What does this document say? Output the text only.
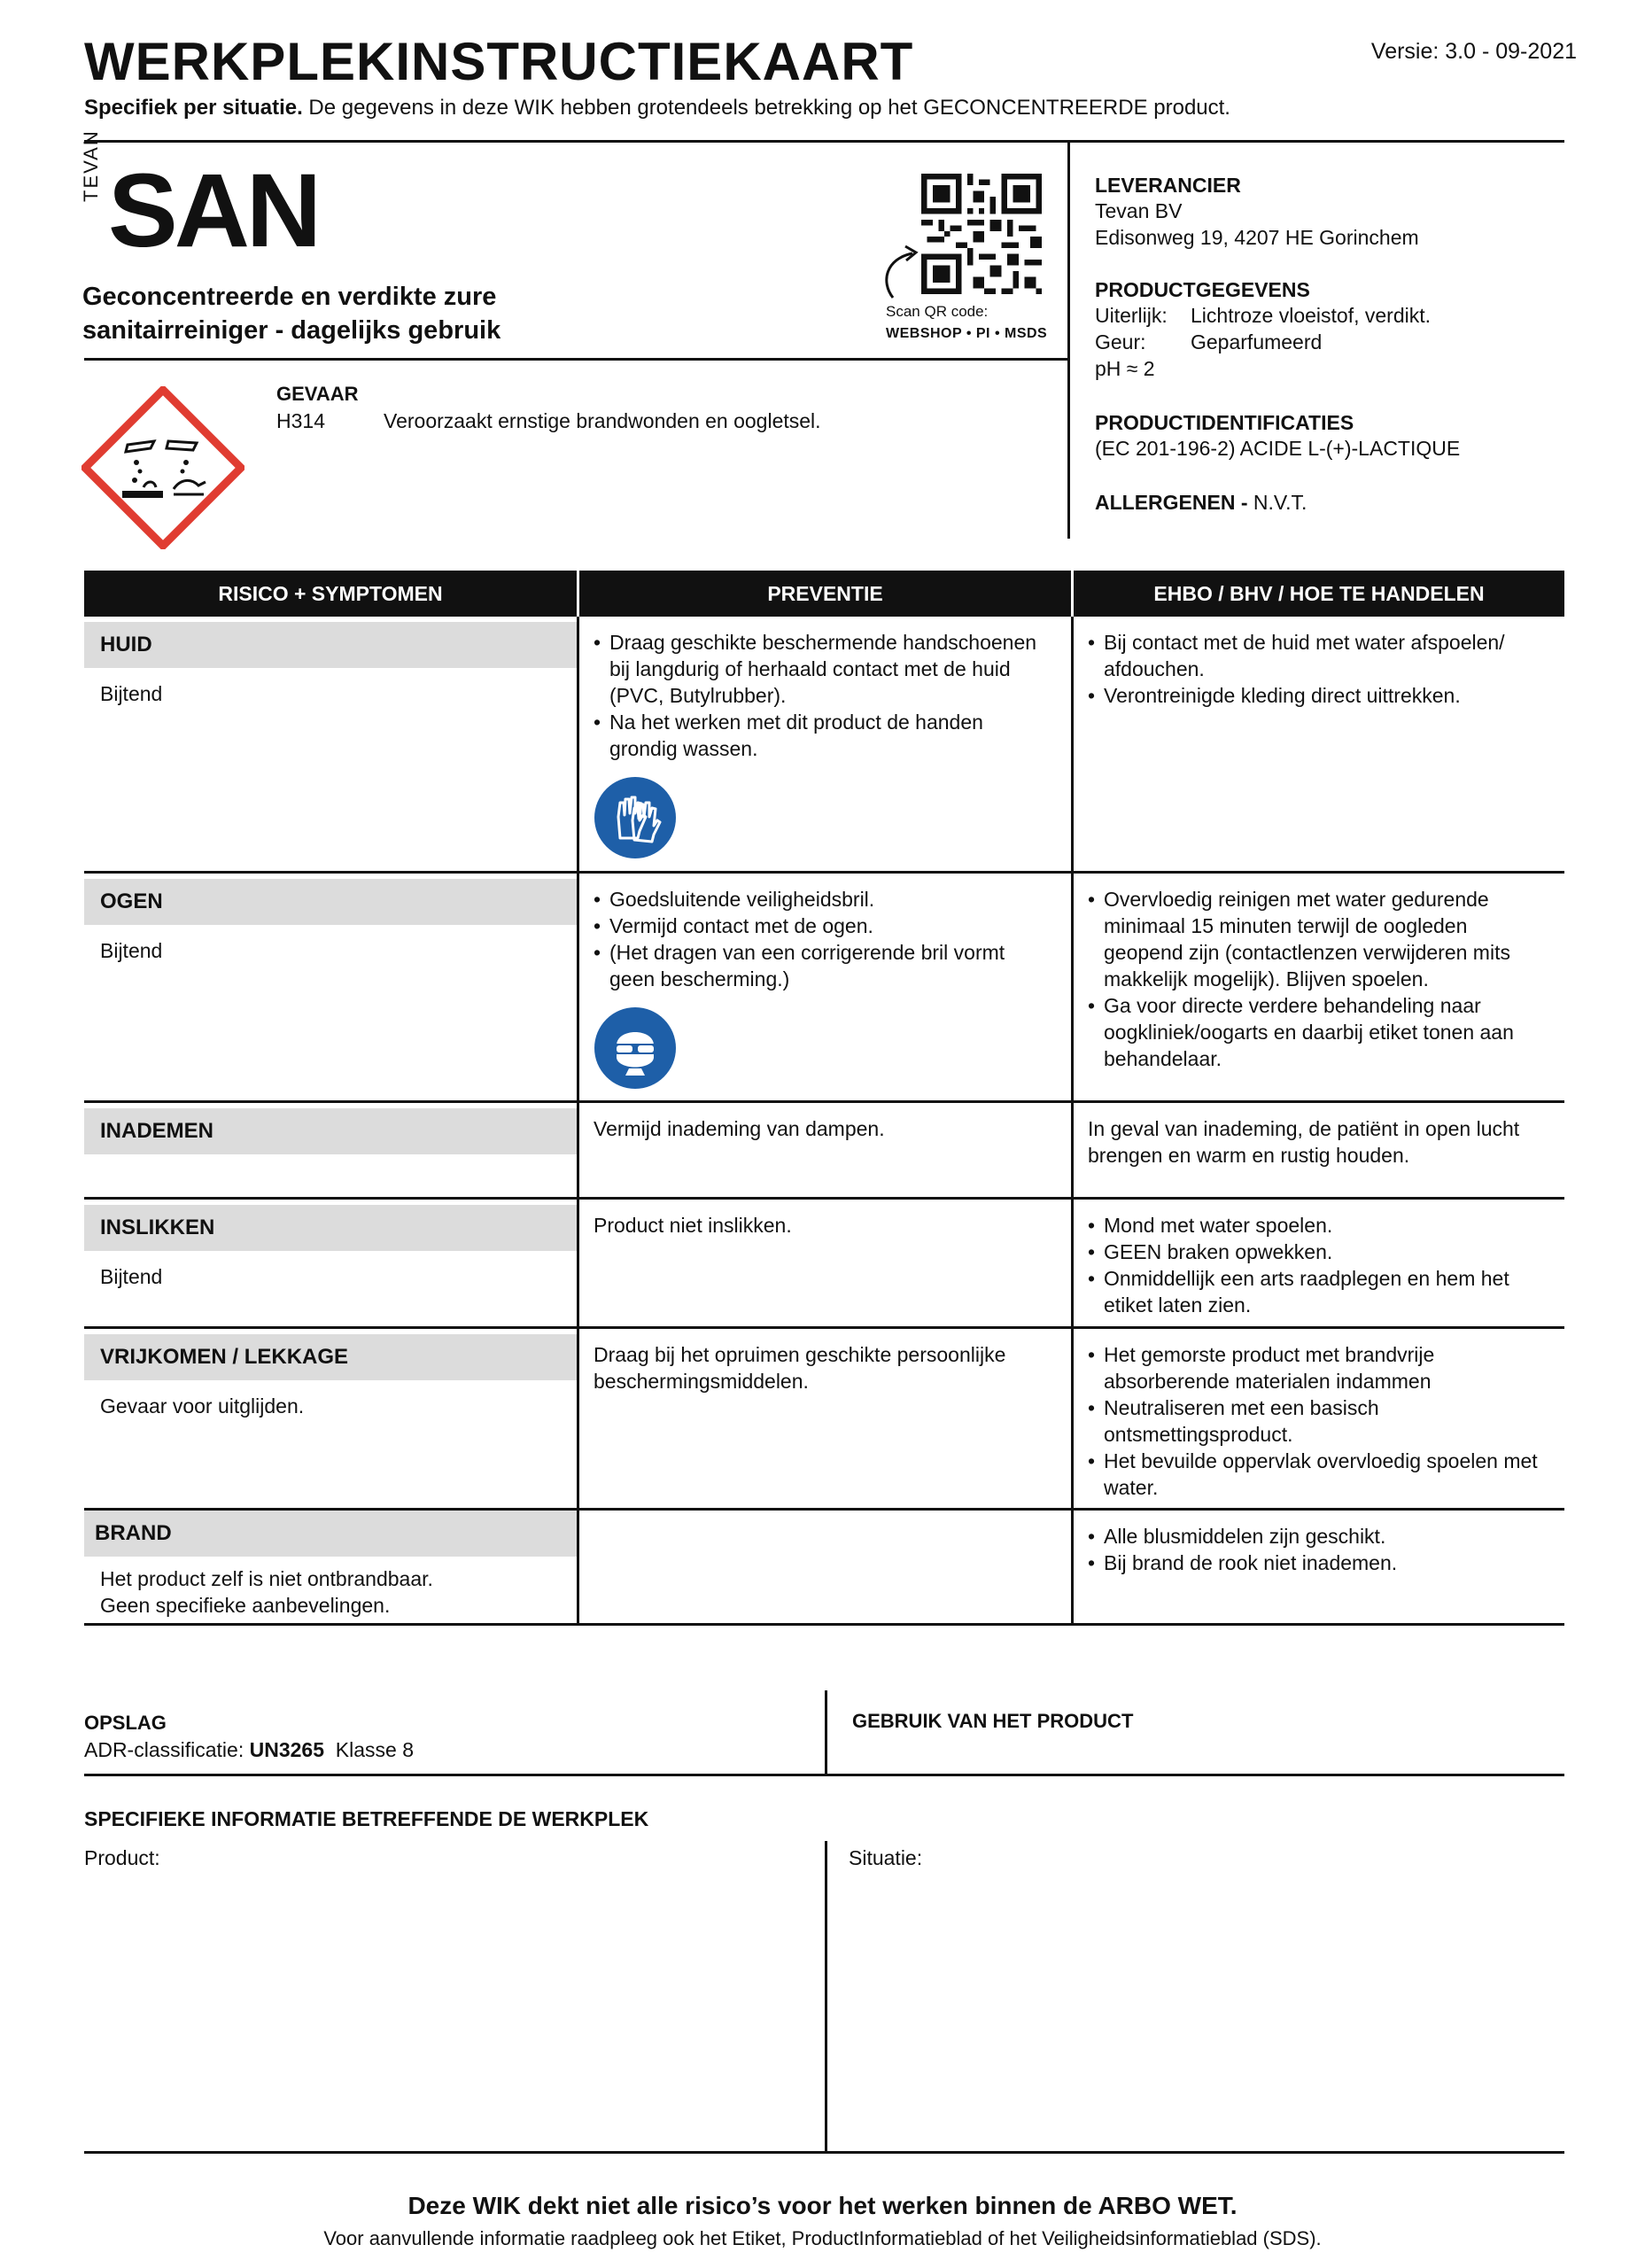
WERKPLEKINSTRUCTIEKAART	Versie: 3.0 - 09-2021
Specifiek per situatie. De gegevens in deze WIK hebben grotendeels betrekking op het GECONCENTREERDE product.
TEVAN SAN
Geconcentreerde en verdikte zure
sanitairreiniger - dagelijks gebruik
Scan QR code:
WEBSHOP • PI • MSDS
LEVERANCIER
Tevan BV
Edisonweg 19, 4207 HE Gorinchem
PRODUCTGEGEVENS
Uiterlijk: Lichtroze vloeistof, verdikt.
Geur: Geparfumeerd
pH ≈ 2
PRODUCTIDENTIFICATIES
(EC 201-196-2) ACIDE L-(+)-LACTIQUE
ALLERGENEN - N.V.T.
GEVAAR
H314	Veroorzaakt ernstige brandwonden en oogletsel.
RISICO + SYMPTOMEN	PREVENTIE	EHBO / BHV / HOE TE HANDELEN
HUID
Bijtend
• Draag geschikte beschermende handschoenen bij langdurig of herhaald contact met de huid (PVC, Butylrubber).
• Na het werken met dit product de handen grondig wassen.
• Bij contact met de huid met water afspoelen/ afdouchen.
• Verontreinigde kleding direct uittrekken.
OGEN
Bijtend
• Goedsluitende veiligheidsbril.
• Vermijd contact met de ogen.
• (Het dragen van een corrigerende bril vormt geen bescherming.)
• Overvloedig reinigen met water gedurende minimaal 15 minuten terwijl de oogleden geopend zijn (contactlenzen verwijderen mits makkelijk mogelijk). Blijven spoelen.
• Ga voor directe verdere behandeling naar oogkliniek/oogarts en daarbij etiket tonen aan behandelaar.
INADEMEN	Vermijd inademing van dampen.	In geval van inademing, de patiënt in open lucht brengen en warm en rustig houden.
INSLIKKEN
Bijtend
Product niet inslikken.
•	Mond met water spoelen.
• GEEN braken opwekken.
• Onmiddellijk een arts raadplegen en hem het etiket laten zien.
VRIJKOMEN / LEKKAGE
Gevaar voor uitglijden.
Draag bij het opruimen geschikte persoonlijke beschermingsmiddelen.
• Het gemorste product met brandvrije absorberende materialen indammen
• Neutraliseren met een basisch ontsmettingsproduct.
• Het bevuilde oppervlak overvloedig spoelen met water.
BRAND
Het product zelf is niet ontbrandbaar.
Geen specifieke aanbevelingen.
• Alle blusmiddelen zijn geschikt.
• Bij brand de rook niet inademen.
OPSLAG
ADR-classificatie: UN3265 Klasse 8
GEBRUIK VAN HET PRODUCT
SPECIFIEKE INFORMATIE BETREFFENDE DE WERKPLEK
Product:	Situatie:
Deze WIK dekt niet alle risico’s voor het werken binnen de ARBO WET.
Voor aanvullende informatie raadpleeg ook het Etiket, ProductInformatieblad of het Veiligheidsinformatieblad (SDS).
